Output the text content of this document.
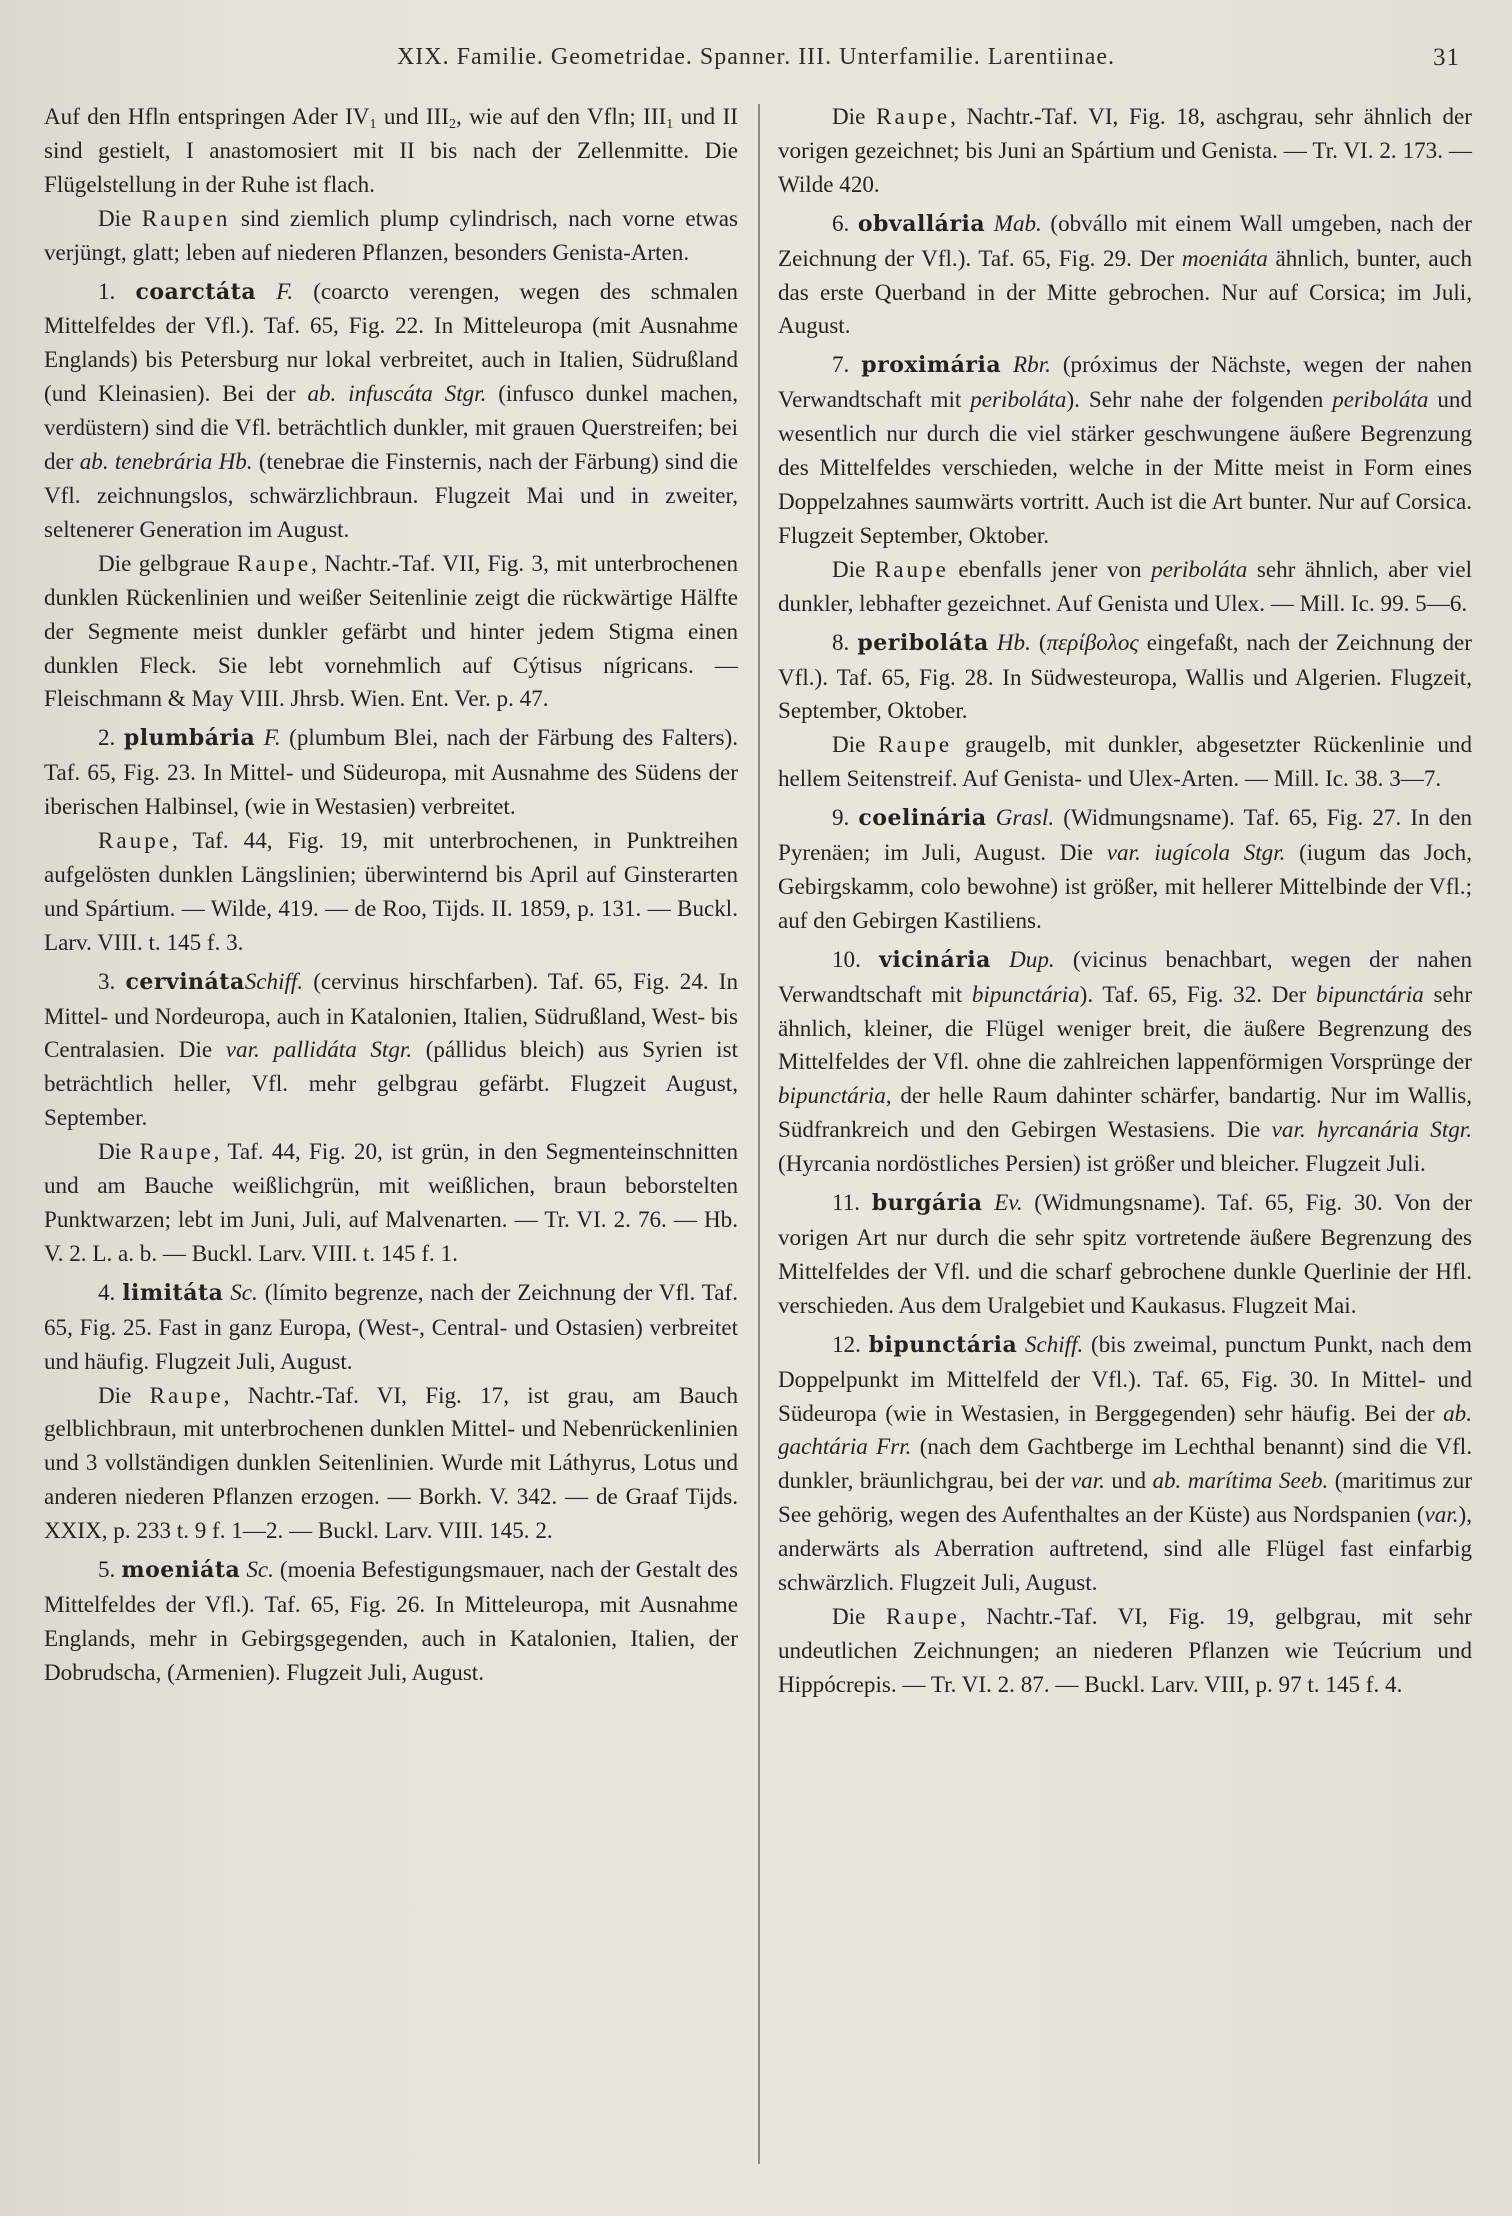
XIX. Familie. Geometridae. Spanner. III. Unterfamilie. Larentiinae.	31

Auf den Hfln entspringen Ader $IV_1$ und $III_2$, wie auf den Vfln; $III_1$ und II sind gestielt, I anastomosiert mit II bis nach der Zellenmitte. Die Flügelstellung in der Ruhe ist flach.

Die Raupen sind ziemlich plump cylindrisch, nach vorne etwas verjüngt, glatt; leben auf niederen Pflanzen, besonders Genista-Arten.

1. coarctáta F. (coarcto verengen, wegen des schmalen Mittelfeldes der Vfl.). Taf. 65, Fig. 22. In Mitteleuropa (mit Ausnahme Englands) bis Petersburg nur lokal verbreitet, auch in Italien, Südrußland (und Kleinasien). Bei der ab. infuscáta Stgr. (infusco dunkel machen, verdüstern) sind die Vfl. beträchtlich dunkler, mit grauen Querstreifen; bei der ab. tenebrária Hb. (tenebrae die Finsternis, nach der Färbung) sind die Vfl. zeichnungslos, schwärzlichbraun. Flugzeit Mai und in zweiter, seltenerer Generation im August.

Die gelbgraue Raupe, Nachtr.-Taf. VII, Fig. 3, mit unterbrochenen dunklen Rückenlinien und weißer Seitenlinie zeigt die rückwärtige Hälfte der Segmente meist dunkler gefärbt und hinter jedem Stigma einen dunklen Fleck. Sie lebt vornehmlich auf Cýtisus nígricans. — Fleischmann & May VIII. Jhrsb. Wien. Ent. Ver. p. 47.

2. plumbária F. (plumbum Blei, nach der Färbung des Falters). Taf. 65, Fig. 23. In Mittel- und Südeuropa, mit Ausnahme des Südens der iberischen Halbinsel, (wie in Westasien) verbreitet.

Raupe, Taf. 44, Fig. 19, mit unterbrochenen, in Punktreihen aufgelösten dunklen Längslinien; überwinternd bis April auf Ginsterarten und Spártium. — Wilde, 419. — de Roo, Tijds. II. 1859, p. 131. — Buckl. Larv. VIII. t. 145 f. 3.

3. cervinátaSchiff. (cervinus hirschfarben). Taf. 65, Fig. 24. In Mittel- und Nordeuropa, auch in Katalonien, Italien, Südrußland, West- bis Centralasien. Die var. pallidáta Stgr. (pállidus bleich) aus Syrien ist beträchtlich heller, Vfl. mehr gelbgrau gefärbt. Flugzeit August, September.

Die Raupe, Taf. 44, Fig. 20, ist grün, in den Segmenteinschnitten und am Bauche weißlichgrün, mit weißlichen, braun beborstelten Punktwarzen; lebt im Juni, Juli, auf Malvenarten. — Tr. VI. 2. 76. — Hb. V. 2. L. a. b. — Buckl. Larv. VIII. t. 145 f. 1.

4. limitáta Sc. (límito begrenze, nach der Zeichnung der Vfl. Taf. 65, Fig. 25. Fast in ganz Europa, (West-, Central- und Ostasien) verbreitet und häufig. Flugzeit Juli, August.

Die Raupe, Nachtr.-Taf. VI, Fig. 17, ist grau, am Bauch gelblichbraun, mit unterbrochenen dunklen Mittel- und Nebenrückenlinien und 3 vollständigen dunklen Seitenlinien. Wurde mit Láthyrus, Lotus und anderen niederen Pflanzen erzogen. — Borkh. V. 342. — de Graaf Tijds. XXIX, p. 233 t. 9 f. 1—2. — Buckl. Larv. VIII. 145. 2.

5. moeniáta Sc. (moenia Befestigungsmauer, nach der Gestalt des Mittelfeldes der Vfl.). Taf. 65, Fig. 26. In Mitteleuropa, mit Ausnahme Englands, mehr in Gebirgsgegenden, auch in Katalonien, Italien, der Dobrudscha, (Armenien). Flugzeit Juli, August.

Die Raupe, Nachtr.-Taf. VI, Fig. 18, aschgrau, sehr ähnlich der vorigen gezeichnet; bis Juni an Spártium und Genista. — Tr. VI. 2. 173. — Wilde 420.

6. obvallária Mab. (obvállo mit einem Wall umgeben, nach der Zeichnung der Vfl.). Taf. 65, Fig. 29. Der moeniáta ähnlich, bunter, auch das erste Querband in der Mitte gebrochen. Nur auf Corsica; im Juli, August.

7. proximária Rbr. (próximus der Nächste, wegen der nahen Verwandtschaft mit periboláta). Sehr nahe der folgenden periboláta und wesentlich nur durch die viel stärker geschwungene äußere Begrenzung des Mittelfeldes verschieden, welche in der Mitte meist in Form eines Doppelzahnes saumwärts vortritt. Auch ist die Art bunter. Nur auf Corsica. Flugzeit September, Oktober.

Die Raupe ebenfalls jener von periboláta sehr ähnlich, aber viel dunkler, lebhafter gezeichnet. Auf Genista und Ulex. — Mill. Ic. 99. 5—6.

8. periboláta Hb. (περίβολος eingefaßt, nach der Zeichnung der Vfl.). Taf. 65, Fig. 28. In Südwesteuropa, Wallis und Algerien. Flugzeit, September, Oktober.

Die Raupe graugelb, mit dunkler, abgesetzter Rückenlinie und hellem Seitenstreif. Auf Genista- und Ulex-Arten. — Mill. Ic. 38. 3—7.

9. coelinária Grasl. (Widmungsname). Taf. 65, Fig. 27. In den Pyrenäen; im Juli, August. Die var. iugícola Stgr. (iugum das Joch, Gebirgskamm, colo bewohne) ist größer, mit hellerer Mittelbinde der Vfl.; auf den Gebirgen Kastiliens.

10. vicinária Dup. (vicinus benachbart, wegen der nahen Verwandtschaft mit bipunctária). Taf. 65, Fig. 32. Der bipunctária sehr ähnlich, kleiner, die Flügel weniger breit, die äußere Begrenzung des Mittelfeldes der Vfl. ohne die zahlreichen lappenförmigen Vorsprünge der bipunctária, der helle Raum dahinter schärfer, bandartig. Nur im Wallis, Südfrankreich und den Gebirgen Westasiens. Die var. hyrcanária Stgr. (Hyrcania nordöstliches Persien) ist größer und bleicher. Flugzeit Juli.

11. burgária Ev. (Widmungsname). Taf. 65, Fig. 30. Von der vorigen Art nur durch die sehr spitz vortretende äußere Begrenzung des Mittelfeldes der Vfl. und die scharf gebrochene dunkle Querlinie der Hfl. verschieden. Aus dem Uralgebiet und Kaukasus. Flugzeit Mai.

12. bipunctária Schiff. (bis zweimal, punctum Punkt, nach dem Doppelpunkt im Mittelfeld der Vfl.). Taf. 65, Fig. 30. In Mittel- und Südeuropa (wie in Westasien, in Berggegenden) sehr häufig. Bei der ab. gachtária Frr. (nach dem Gachtberge im Lechthal benannt) sind die Vfl. dunkler, bräunlichgrau, bei der var. und ab. marítima Seeb. (maritimus zur See gehörig, wegen des Aufenthaltes an der Küste) aus Nordspanien (var.), anderwärts als Aberration auftretend, sind alle Flügel fast einfarbig schwärzlich. Flugzeit Juli, August.

Die Raupe, Nachtr.-Taf. VI, Fig. 19, gelbgrau, mit sehr undeutlichen Zeichnungen; an niederen Pflanzen wie Teúcrium und Hippócrepis. — Tr. VI. 2. 87. — Buckl. Larv. VIII, p. 97 t. 145 f. 4.
